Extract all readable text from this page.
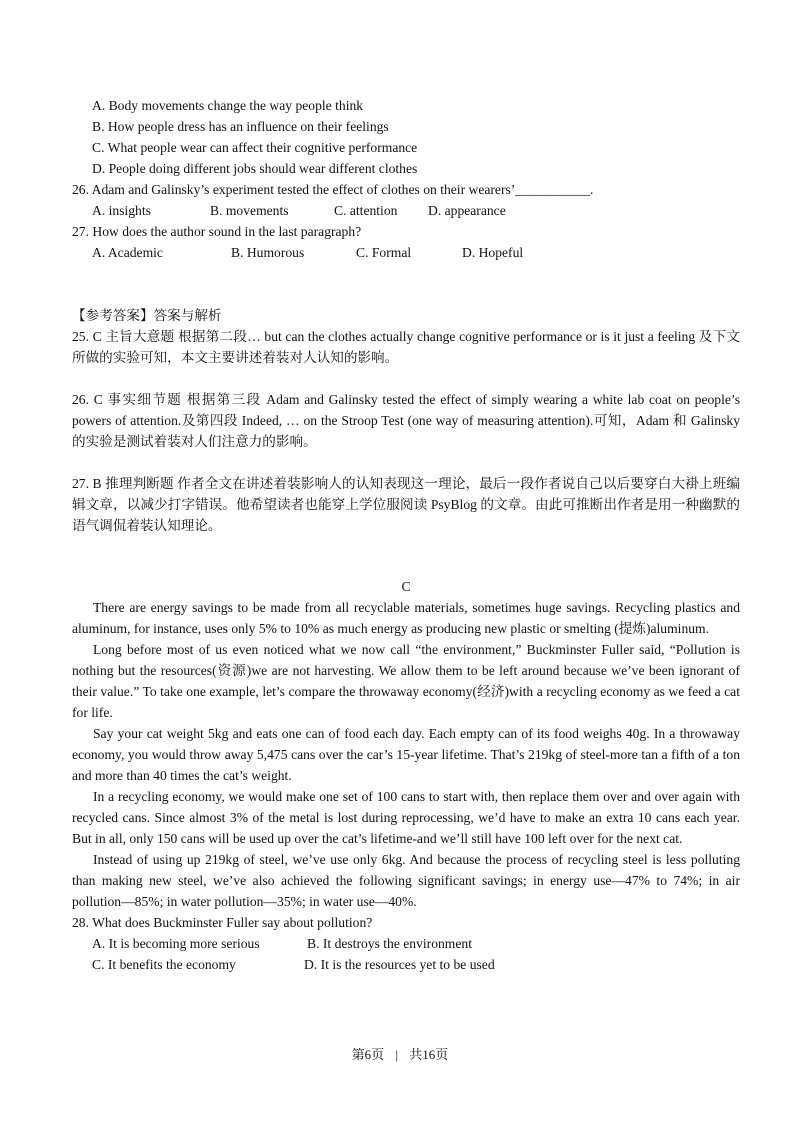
A. Body movements change the way people think
B. How people dress has an influence on their feelings
C. What people wear can affect their cognitive performance
D. People doing different jobs should wear different clothes
26. Adam and Galinsky’s experiment tested the effect of clothes on their wearers’___________.
A. insights	B. movements	C. attention	D. appearance
27. How does the author sound in the last paragraph?
A. Academic	B. Humorous	C. Formal	D. Hopeful
【参考答案】答案与解析
25. C 主旨大意题 根据第二段… but can the clothes actually change cognitive performance or is it just a feeling 及下文所做的实验可知，本文主要讲述着装对人认知的影响。
26. C 事实细节题 根据第三段 Adam and Galinsky tested the effect of simply wearing a white lab coat on people’s powers of attention.及第四段 Indeed, … on the Stroop Test (one way of measuring attention).可知，Adam 和 Galinsky 的实验是测试着装对人们注意力的影响。
27. B 推理判断题 作者全文在讲述着装影响人的认知表现这一理论，最后一段作者说自己以后要穿白大褂上班编辑文章，以减少打字错误。他希望读者也能穿上学位服阅读 PsyBlog 的文章。由此可推断出作者是用一种幽默的语气调侃着装认知理论。
C
There are energy savings to be made from all recyclable materials, sometimes huge savings. Recycling plastics and aluminum, for instance, uses only 5% to 10% as much energy as producing new plastic or smelting (提炼)aluminum.
Long before most of us even noticed what we now call “the environment,” Buckminster Fuller said, “Pollution is nothing but the resources(资源)we are not harvesting. We allow them to be left around because we’ve been ignorant of their value.” To take one example, let’s compare the throwaway economy(经济)with a recycling economy as we feed a cat for life.
Say your cat weight 5kg and eats one can of food each day. Each empty can of its food weighs 40g. In a throwaway economy, you would throw away 5,475 cans over the car’s 15-year lifetime. That’s 219kg of steel-more tan a fifth of a ton and more than 40 times the cat’s weight.
In a recycling economy, we would make one set of 100 cans to start with, then replace them over and over again with recycled cans. Since almost 3% of the metal is lost during reprocessing, we’d have to make an extra 10 cans each year. But in all, only 150 cans will be used up over the cat’s lifetime-and we’ll still have 100 left over for the next cat.
Instead of using up 219kg of steel, we’ve use only 6kg. And because the process of recycling steel is less polluting than making new steel, we’ve also achieved the following significant savings; in energy use—47% to 74%; in air pollution—85%; in water pollution—35%; in water use—40%.
28. What does Buckminster Fuller say about pollution?
A. It is becoming more serious	B. It destroys the environment
C. It benefits the economy	D. It is the resources yet to be used
第6页 | 共16页
